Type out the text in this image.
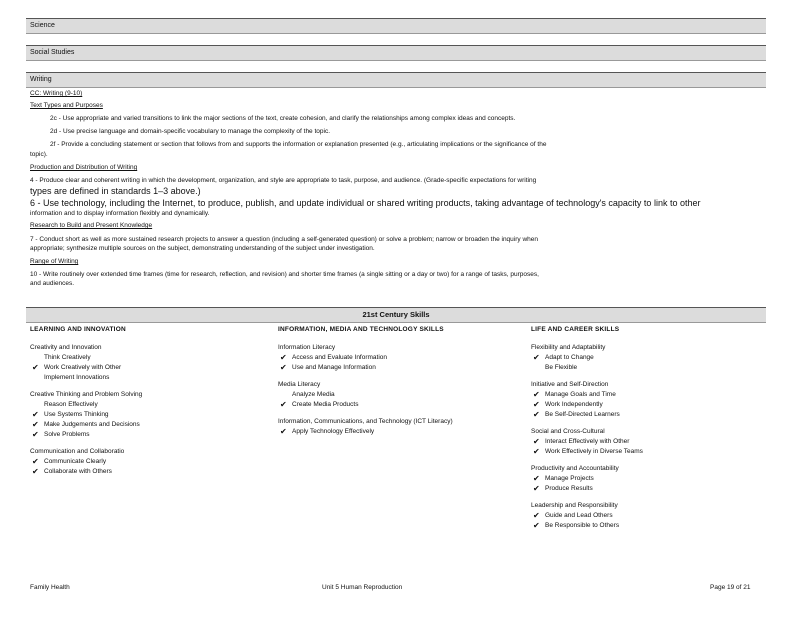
Science
Social Studies
Writing
CC: Writing (9-10)
Text Types and Purposes
2c - Use appropriate and varied transitions to link the major sections of the text, create cohesion, and clarify the relationships among complex ideas and concepts.
2d - Use precise language and domain-specific vocabulary to manage the complexity of the topic.
2f - Provide a concluding statement or section that follows from and supports the information or explanation presented (e.g., articulating implications or the significance of the
topic).
Production and Distribution of Writing
4 - Produce clear and coherent writing in which the development, organization, and style are appropriate to task, purpose, and audience. (Grade-specific expectations for writing
types are defined in standards 1–3 above.)
6 - Use technology, including the Internet, to produce, publish, and update individual or shared writing products, taking advantage of technology's capacity to link to other
information and to display information flexibly and dynamically.
Research to Build and Present Knowledge
7 - Conduct short as well as more sustained research projects to answer a question (including a self-generated question) or solve a problem; narrow or broaden the inquiry when
appropriate; synthesize multiple sources on the subject, demonstrating understanding of the subject under investigation.
Range of Writing
10 - Write routinely over extended time frames (time for research, reflection, and revision) and shorter time frames (a single sitting or a day or two) for a range of tasks, purposes,
and audiences.
21st Century Skills
LEARNING AND INNOVATION
Creativity and Innovation
Think Creatively
✔ Work Creatively with Other
Implement Innovations
Creative Thinking and Problem Solving
Reason Effectively
✔ Use Systems Thinking
✔ Make Judgements and Decisions
✔ Solve Problems
Communication and Collaboratio
✔ Communicate Clearly
✔ Collaborate with Others
INFORMATION, MEDIA AND TECHNOLOGY SKILLS
Information Literacy
✔ Access and Evaluate Information
✔ Use and Manage Information
Media Literacy
Analyze Media
✔ Create Media Products
Information, Communications, and Technology (ICT Literacy)
✔ Apply Technology Effectively
LIFE AND CAREER SKILLS
Flexibility and Adaptability
✔ Adapt to Change
Be Flexible
Initiative and Self-Direction
✔ Manage Goals and Time
✔ Work Independently
✔ Be Self-Directed Learners
Social and Cross-Cultural
✔ Interact Effectively with Other
✔ Work Effectively in Diverse Teams
Productivity and Accountability
✔ Manage Projects
✔ Produce Results
Leadership and Responsibility
✔ Guide and Lead Others
✔ Be Responsible to Others
Family Health	Unit 5 Human Reproduction	Page 19 of 21
